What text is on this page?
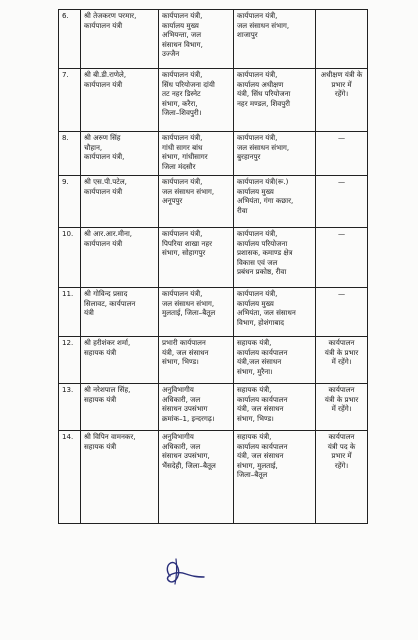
6.	श्री तेजकरण परमार,
कार्यपालन यंत्री	कार्यपालन यंत्री,
कार्यालय मुख्य
अभियन्ता, जल
संसाधन विभाग,
उज्जैन	कार्यपालन यंत्री,
जल संसाधन संभाग,
शाजापुर	
7.	श्री बी.डी.राणेले,
कार्यपालन यंत्री	कार्यपालन यंत्री,
सिंध परियोजना दांयी
तट नहर डिस्नेट
संभाग, करैरा,
जिला–शिवपुरी।	कार्यपालन यंत्री,
कार्यालय अधीक्षण
यंत्री, सिंध परियोजना
नहर मण्डल, शिवपुरी	अधीक्षण यंत्री के
प्रभार में
रहेंगे।
8.	श्री अरुण सिंह
चौहान,
कार्यपालन यंत्री,	कार्यपालन यंत्री,
गांधी सागर बांध
संभाग, गांधीसागर
जिला मंदसौर	कार्यपालन यंत्री,
जल संसाधन संभाग,
बुरहानपुर	—
9.	श्री एस.पी.पटेल,
कार्यपालन यंत्री	कार्यपालन यंत्री,
जल संसाधन संभाग,
अनूपपुर	कार्यपालन यंत्री(रू.)
कार्यालय मुख्य
अभियंता, गंगा कछार,
रीवा	—
10.	श्री आर.आर.मीना,
कार्यपालन यंत्री	कार्यपालन यंत्री,
पिपरिया शाखा नहर
संभाग, सोहागपुर	कार्यपालन यंत्री,
कार्यालय परियोजना
प्रशासक, कमाण्ड क्षेत्र
विकास एवं जल
प्रबंधन प्रकोष्ठ, रीवा	—
11.	श्री गोविन्द प्रसाद
सिलावट, कार्यपालन
यंत्री	कार्यपालन यंत्री,
जल संसाधन संभाग,
मुलताई, जिला–बैतूल	कार्यपालन यंत्री,
कार्यालय मुख्य
अभियंता, जल संसाधन
विभाग, होशंगाबाद	—
12.	श्री हरीशंकर शर्मा,
सहायक यंत्री	प्रभारी कार्यपालन
यंत्री, जल संसाधन
संभाग, भिण्ड।	सहायक यंत्री,
कार्यालय कार्यपालन
यंत्री,जल संसाधन
संभाग, मुरैना।	कार्यपालन
यंत्री के प्रभार
में रहेंगे।
13.	श्री नरेशपाल सिंह,
सहायक यंत्री	अनुविभागीय
अधिकारी, जल
संसाधन उपसंभाग
क्रमांक–1, इन्दरगढ़।	सहायक यंत्री,
कार्यालय कार्यपालन
यंत्री, जल संसाधन
संभाग, भिण्ड।	कार्यपालन
यंत्री के प्रभार
में रहेंगे।
14.	श्री विपिन वामनकर,
सहायक यंत्री	अनुविभागीय
अधिकारी, जल
संसाधन उपसंभाग,
भैंसदेही, जिला–बैतूल	सहायक यंत्री,
कार्यालय कार्यपालन
यंत्री, जल संसाधन
संभाग, मुलताई,
जिला–बैतूल	कार्यपालन
यंत्री पद के
प्रभार में
रहेंगे।
